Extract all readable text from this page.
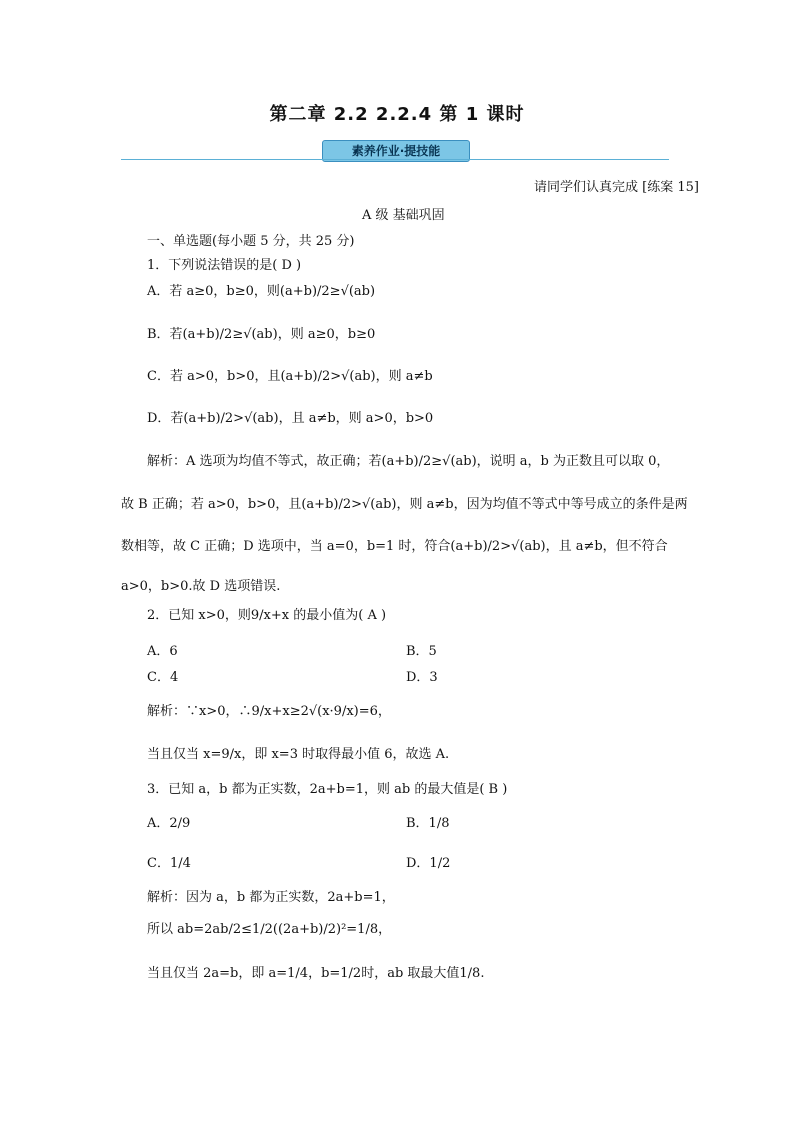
第二章 2.2 2.2.4 第 1 课时
素养作业·提技能
请同学们认真完成 [练案 15]
A 级 基础巩固
一、单选题(每小题 5 分，共 25 分)
1．下列说法错误的是( D )
A．若 a≥0，b≥0，则(a+b)/2≥√(ab)
B．若(a+b)/2≥√(ab)，则 a≥0，b≥0
C．若 a>0，b>0，且(a+b)/2>√(ab)，则 a≠b
D．若(a+b)/2>√(ab)，且 a≠b，则 a>0，b>0
解析：A 选项为均值不等式，故正确；若(a+b)/2≥√(ab)，说明 a，b 为正数且可以取 0，
故 B 正确；若 a>0，b>0，且(a+b)/2>√(ab)，则 a≠b，因为均值不等式中等号成立的条件是两
数相等，故 C 正确；D 选项中，当 a=0，b=1 时，符合(a+b)/2>√(ab)，且 a≠b，但不符合
a>0，b>0.故 D 选项错误.
2．已知 x>0，则9/x+x 的最小值为( A )
A．6	B．5
C．4	D．3
解析：∵x>0，∴9/x+x≥2√(x·9/x)=6，
当且仅当 x=9/x，即 x=3 时取得最小值 6，故选 A.
3．已知 a，b 都为正实数，2a+b=1，则 ab 的最大值是( B )
A．2/9	B．1/8
C．1/4	D．1/2
解析：因为 a，b 都为正实数，2a+b=1，
所以 ab=2ab/2≤1/2((2a+b)/2)²=1/8，
当且仅当 2a=b，即 a=1/4，b=1/2时，ab 取最大值1/8.
